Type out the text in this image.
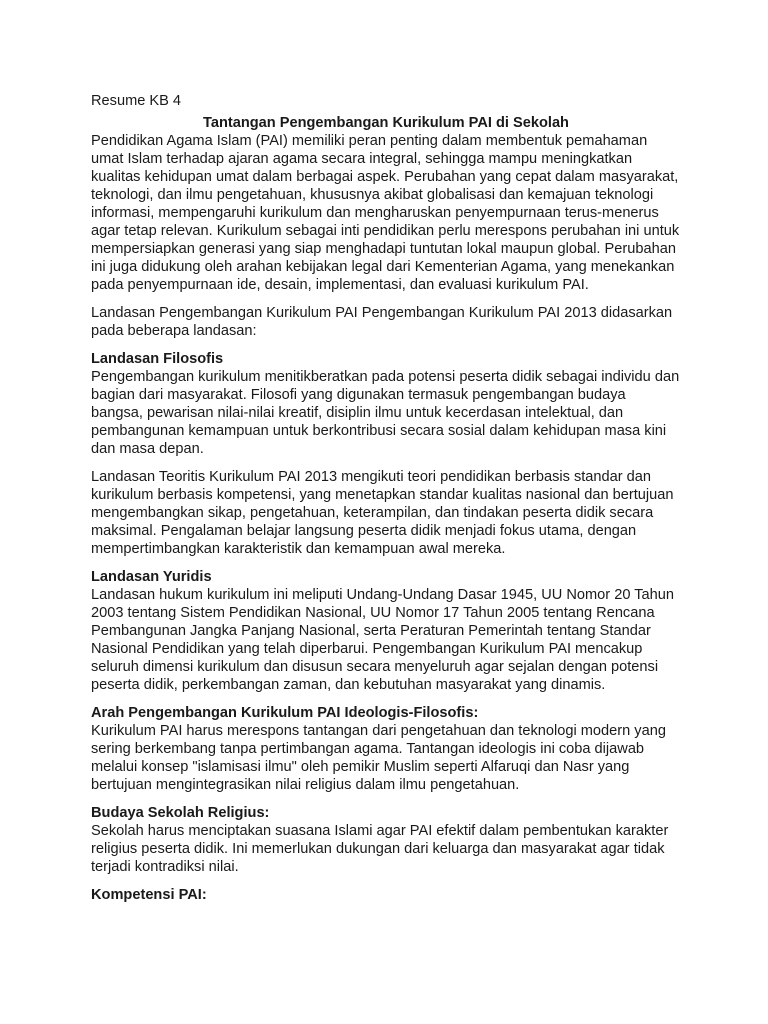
Resume KB 4
Tantangan Pengembangan Kurikulum PAI di Sekolah

Pendidikan Agama Islam (PAI) memiliki peran penting dalam membentuk pemahaman umat Islam terhadap ajaran agama secara integral, sehingga mampu meningkatkan kualitas kehidupan umat dalam berbagai aspek. Perubahan yang cepat dalam masyarakat, teknologi, dan ilmu pengetahuan, khususnya akibat globalisasi dan kemajuan teknologi informasi, mempengaruhi kurikulum dan mengharuskan penyempurnaan terus-menerus agar tetap relevan. Kurikulum sebagai inti pendidikan perlu merespons perubahan ini untuk mempersiapkan generasi yang siap menghadapi tuntutan lokal maupun global. Perubahan ini juga didukung oleh arahan kebijakan legal dari Kementerian Agama, yang menekankan pada penyempurnaan ide, desain, implementasi, dan evaluasi kurikulum PAI.

Landasan Pengembangan Kurikulum PAI Pengembangan Kurikulum PAI 2013 didasarkan pada beberapa landasan:

Landasan Filosofis

Pengembangan kurikulum menitikberatkan pada potensi peserta didik sebagai individu dan bagian dari masyarakat. Filosofi yang digunakan termasuk pengembangan budaya bangsa, pewarisan nilai-nilai kreatif, disiplin ilmu untuk kecerdasan intelektual, dan pembangunan kemampuan untuk berkontribusi secara sosial dalam kehidupan masa kini dan masa depan.

Landasan Teoritis Kurikulum PAI 2013 mengikuti teori pendidikan berbasis standar dan kurikulum berbasis kompetensi, yang menetapkan standar kualitas nasional dan bertujuan mengembangkan sikap, pengetahuan, keterampilan, dan tindakan peserta didik secara maksimal. Pengalaman belajar langsung peserta didik menjadi fokus utama, dengan mempertimbangkan karakteristik dan kemampuan awal mereka.

Landasan Yuridis

Landasan hukum kurikulum ini meliputi Undang-Undang Dasar 1945, UU Nomor 20 Tahun 2003 tentang Sistem Pendidikan Nasional, UU Nomor 17 Tahun 2005 tentang Rencana Pembangunan Jangka Panjang Nasional, serta Peraturan Pemerintah tentang Standar Nasional Pendidikan yang telah diperbarui. Pengembangan Kurikulum PAI mencakup seluruh dimensi kurikulum dan disusun secara menyeluruh agar sejalan dengan potensi peserta didik, perkembangan zaman, dan kebutuhan masyarakat yang dinamis.

Arah Pengembangan Kurikulum PAI Ideologis-Filosofis:

Kurikulum PAI harus merespons tantangan dari pengetahuan dan teknologi modern yang sering berkembang tanpa pertimbangan agama. Tantangan ideologis ini coba dijawab melalui konsep "islamisasi ilmu" oleh pemikir Muslim seperti Alfaruqi dan Nasr yang bertujuan mengintegrasikan nilai religius dalam ilmu pengetahuan.

Budaya Sekolah Religius:

Sekolah harus menciptakan suasana Islami agar PAI efektif dalam pembentukan karakter religius peserta didik. Ini memerlukan dukungan dari keluarga dan masyarakat agar tidak terjadi kontradiksi nilai.

Kompetensi PAI:
